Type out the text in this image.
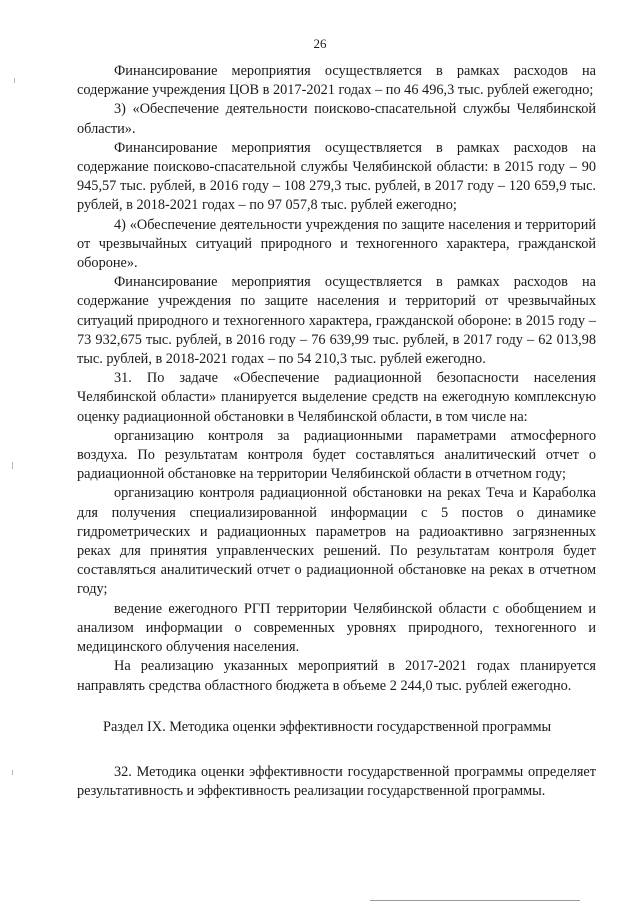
26

Финансирование мероприятия осуществляется в рамках расходов на содержание учреждения ЦОВ в 2017-2021 годах – по 46 496,3 тыс. рублей ежегодно;

3) «Обеспечение деятельности поисково-спасательной службы Челябинской области».

Финансирование мероприятия осуществляется в рамках расходов на содержание поисково-спасательной службы Челябинской области: в 2015 году – 90 945,57 тыс. рублей, в 2016 году – 108 279,3 тыс. рублей, в 2017 году – 120 659,9 тыс. рублей, в 2018-2021 годах – по 97 057,8 тыс. рублей ежегодно;

4) «Обеспечение деятельности учреждения по защите населения и территорий от чрезвычайных ситуаций природного и техногенного характера, гражданской обороне».

Финансирование мероприятия осуществляется в рамках расходов на содержание учреждения по защите населения и территорий от чрезвычайных ситуаций природного и техногенного характера, гражданской обороне: в 2015 году – 73 932,675 тыс. рублей, в 2016 году – 76 639,99 тыс. рублей, в 2017 году – 62 013,98 тыс. рублей, в 2018-2021 годах – по 54 210,3 тыс. рублей ежегодно.

31. По задаче «Обеспечение радиационной безопасности населения Челябинской области» планируется выделение средств на ежегодную комплексную оценку радиационной обстановки в Челябинской области, в том числе на:

организацию контроля за радиационными параметрами атмосферного воздуха. По результатам контроля будет составляться аналитический отчет о радиационной обстановке на территории Челябинской области в отчетном году;

организацию контроля радиационной обстановки на реках Теча и Караболка для получения специализированной информации с 5 постов о динамике гидрометрических и радиационных параметров на радиоактивно загрязненных реках для принятия управленческих решений. По результатам контроля будет составляться аналитический отчет о радиационной обстановке на реках в отчетном году;

ведение ежегодного РГП территории Челябинской области с обобщением и анализом информации о современных уровнях природного, техногенного и медицинского облучения населения.

На реализацию указанных мероприятий в 2017-2021 годах планируется направлять средства областного бюджета в объеме 2 244,0 тыс. рублей ежегодно.

Раздел IX. Методика оценки эффективности государственной программы

32. Методика оценки эффективности государственной программы определяет результативность и эффективность реализации государственной программы.
